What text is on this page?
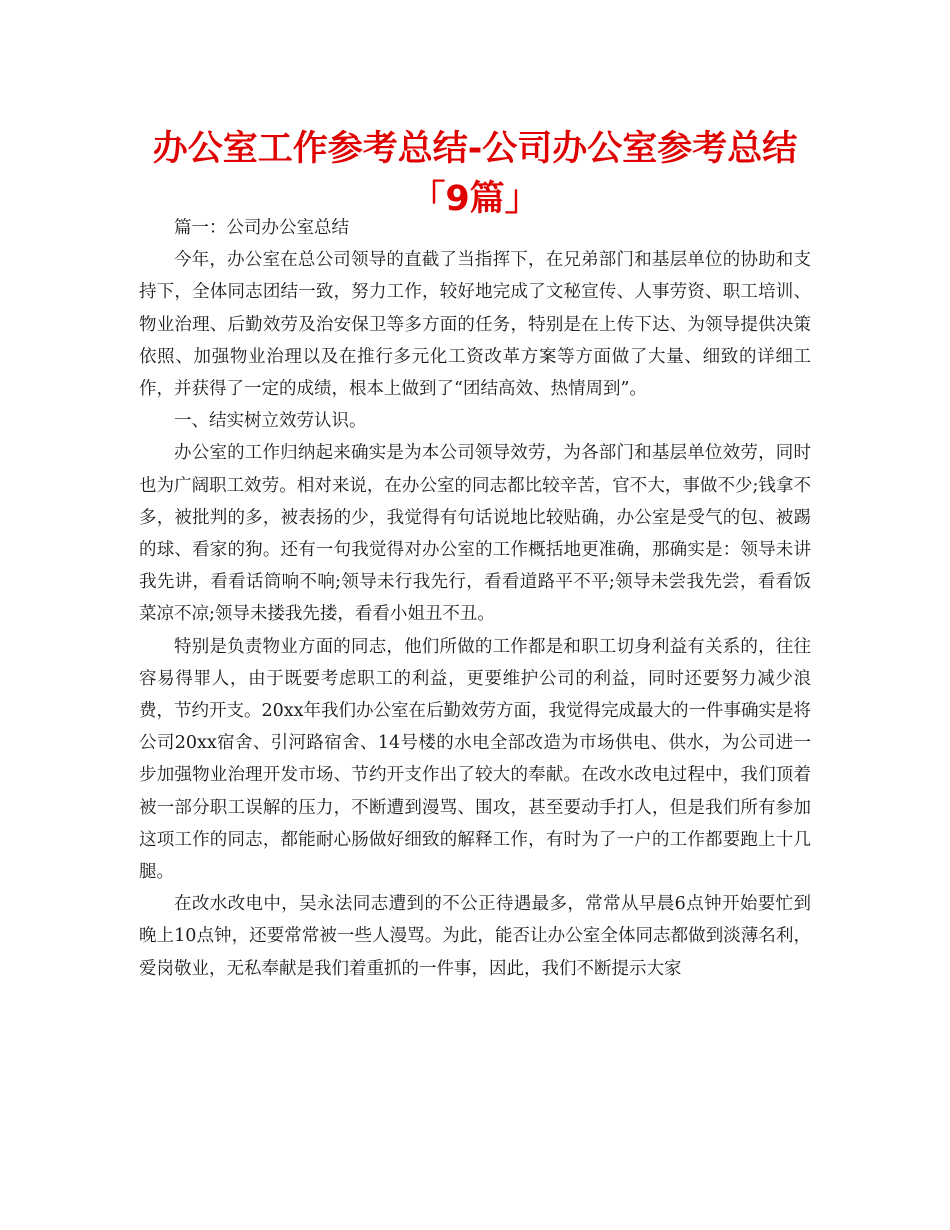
办公室工作参考总结-公司办公室参考总结「9篇」

篇一：公司办公室总结

今年，办公室在总公司领导的直截了当指挥下，在兄弟部门和基层单位的协助和支持下，全体同志团结一致，努力工作，较好地完成了文秘宣传、人事劳资、职工培训、物业治理、后勤效劳及治安保卫等多方面的任务，特别是在上传下达、为领导提供决策依照、加强物业治理以及在推行多元化工资改革方案等方面做了大量、细致的详细工作，并获得了一定的成绩，根本上做到了“团结高效、热情周到”。

一、结实树立效劳认识。

办公室的工作归纳起来确实是为本公司领导效劳，为各部门和基层单位效劳，同时也为广阔职工效劳。相对来说，在办公室的同志都比较辛苦，官不大，事做不少;钱拿不多，被批判的多，被表扬的少，我觉得有句话说地比较贴确，办公室是受气的包、被踢的球、看家的狗。还有一句我觉得对办公室的工作概括地更准确，那确实是：领导未讲我先讲，看看话筒响不响;领导未行我先行，看看道路平不平;领导未尝我先尝，看看饭菜凉不凉;领导未搂我先搂，看看小姐丑不丑。

特别是负责物业方面的同志，他们所做的工作都是和职工切身利益有关系的，往往容易得罪人，由于既要考虑职工的利益，更要维护公司的利益，同时还要努力减少浪费，节约开支。20xx年我们办公室在后勤效劳方面，我觉得完成最大的一件事确实是将公司20xx宿舍、引河路宿舍、14号楼的水电全部改造为市场供电、供水，为公司进一步加强物业治理开发市场、节约开支作出了较大的奉献。在改水改电过程中，我们顶着被一部分职工误解的压力，不断遭到漫骂、围攻，甚至要动手打人，但是我们所有参加这项工作的同志，都能耐心肠做好细致的解释工作，有时为了一户的工作都要跑上十几腿。

在改水改电中，吴永法同志遭到的不公正待遇最多，常常从早晨6点钟开始要忙到晚上10点钟，还要常常被一些人漫骂。为此，能否让办公室全体同志都做到淡薄名利，爱岗敬业，无私奉献是我们着重抓的一件事，因此，我们不断提示大家
